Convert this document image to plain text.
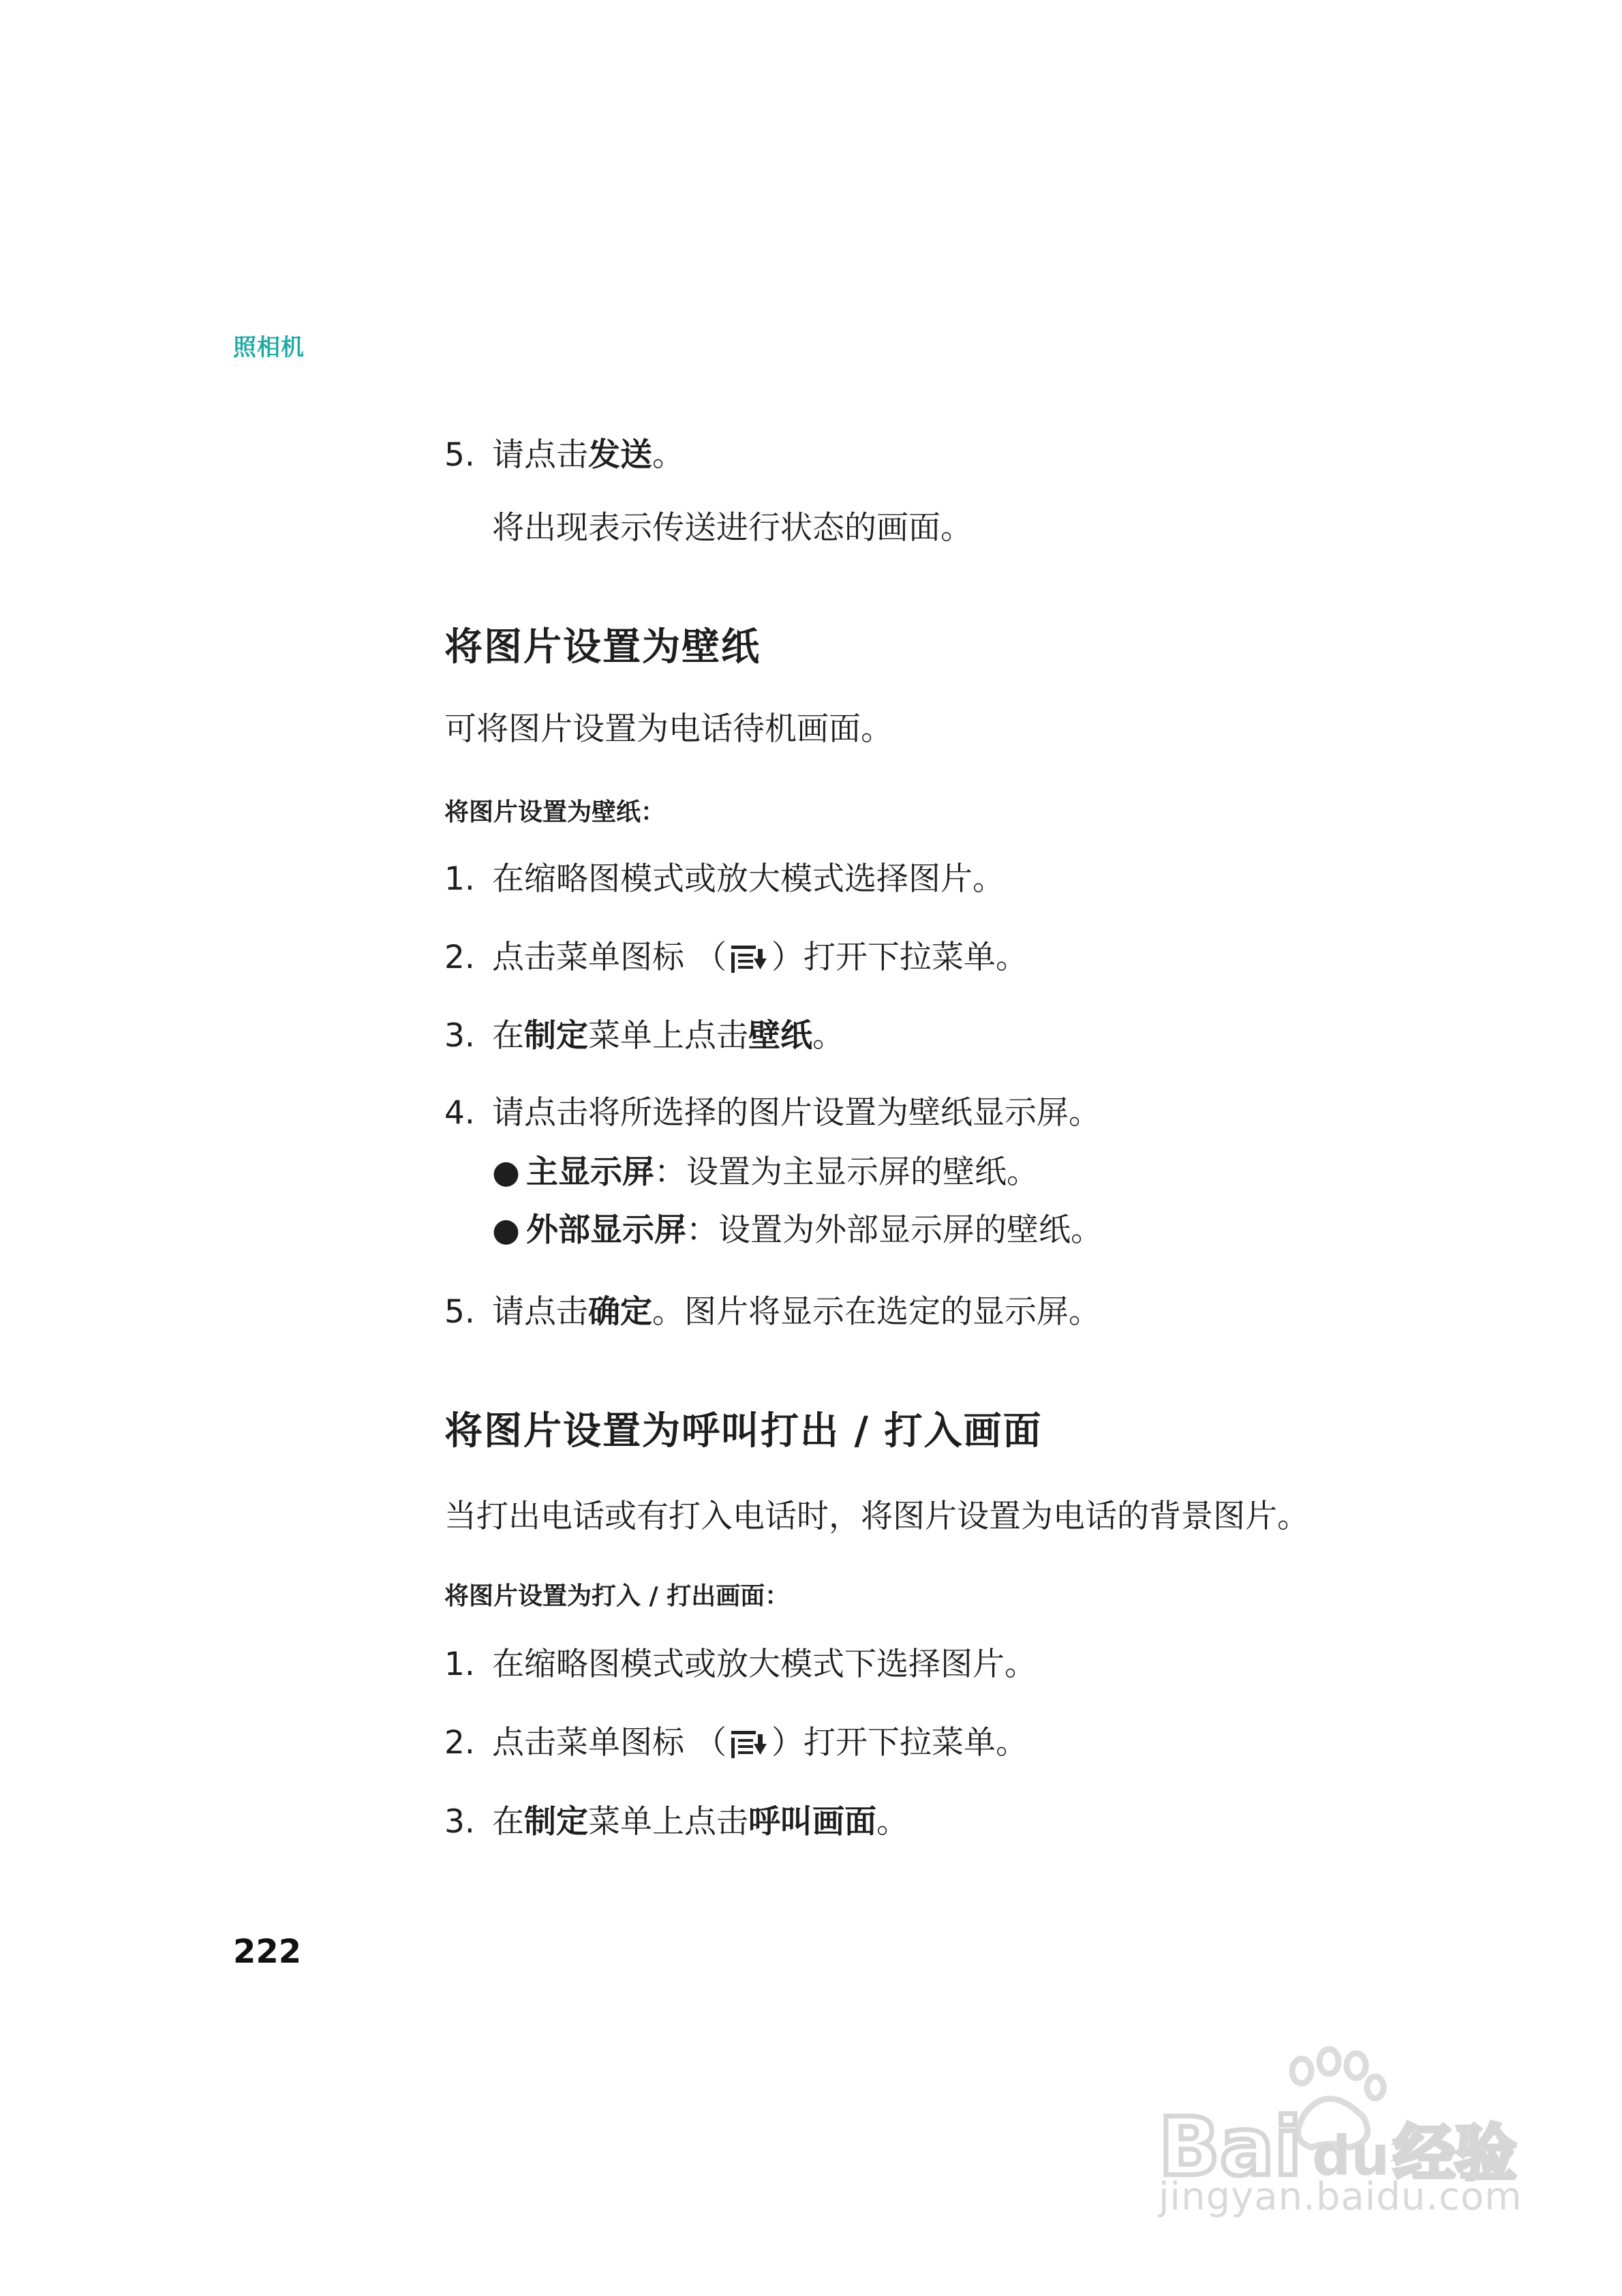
照相机
5. 请点击发送。
将出现表示传送进行状态的画面。
将图片设置为壁纸
可将图片设置为电话待机画面。
将图片设置为壁纸：
1. 在缩略图模式或放大模式选择图片。
2. 点击菜单图标 （ ）打开下拉菜单。
3. 在制定菜单上点击壁纸。
4. 请点击将所选择的图片设置为壁纸显示屏。
● 主显示屏：设置为主显示屏的壁纸。
● 外部显示屏：设置为外部显示屏的壁纸。
5. 请点击确定。图片将显示在选定的显示屏。
将图片设置为呼叫打出 / 打入画面
当打出电话或有打入电话时，将图片设置为电话的背景图片。
将图片设置为打入 / 打出画面：
1. 在缩略图模式或放大模式下选择图片。
2. 点击菜单图标 （ ）打开下拉菜单。
3. 在制定菜单上点击呼叫画面。
222
Bai du 经验
jingyan.baidu.com
